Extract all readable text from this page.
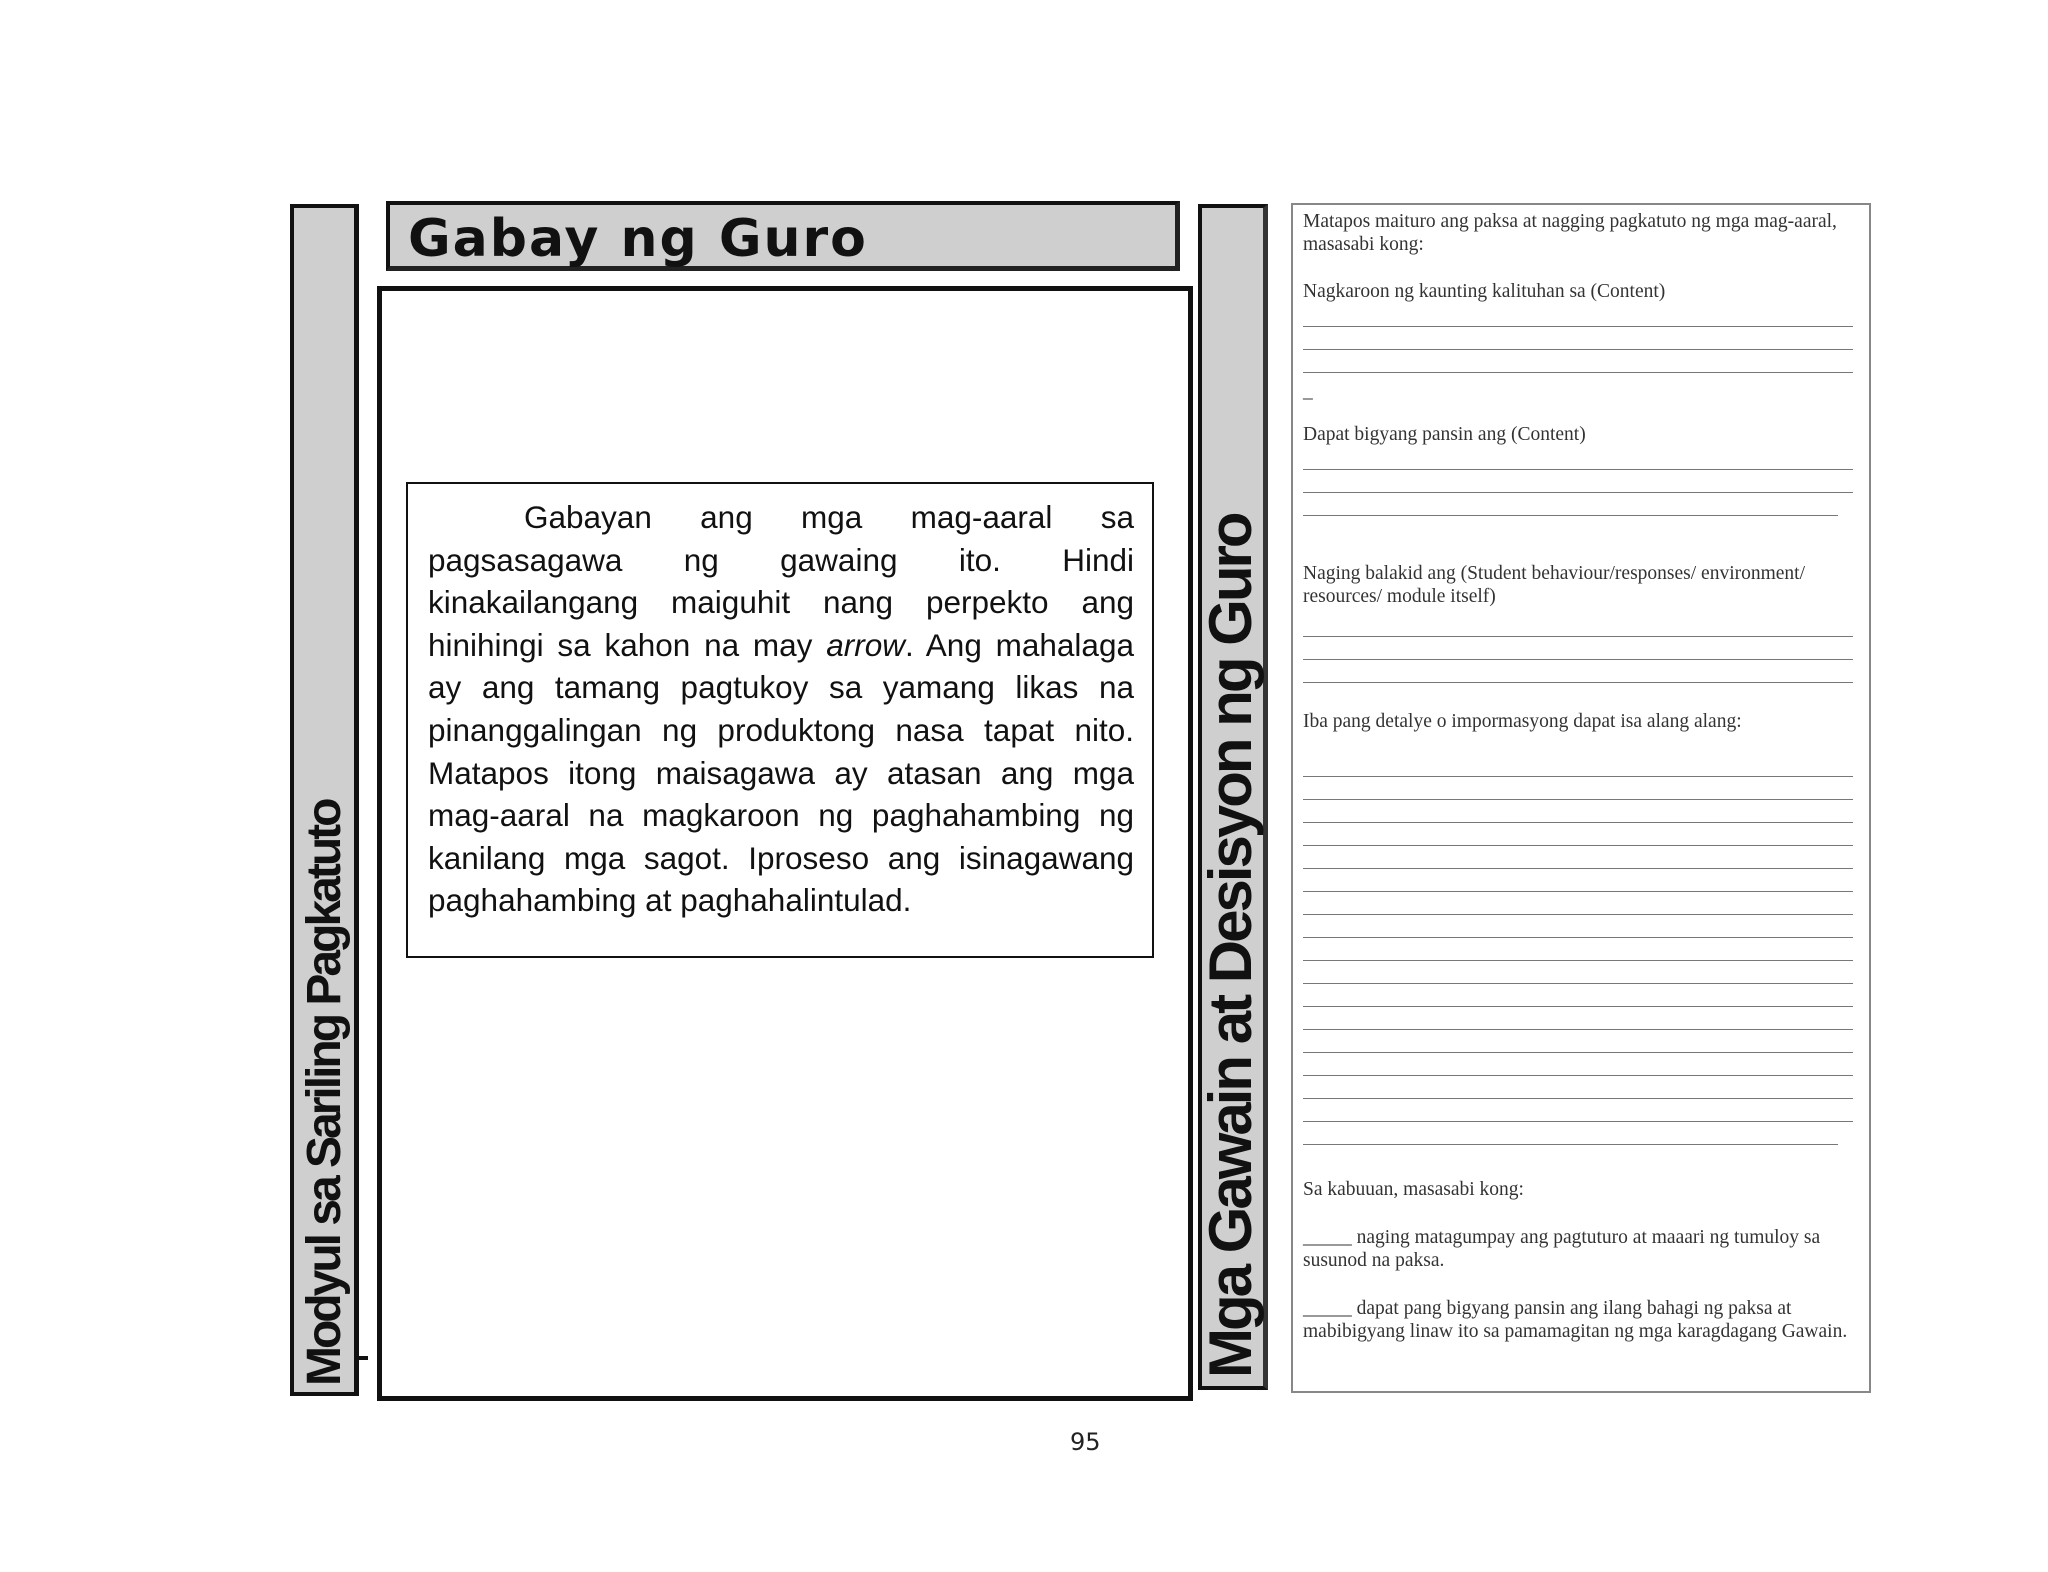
Modyul sa Sariling Pagkatuto
Gabay ng Guro

Gabayan ang mga mag-aaral sa pagsasagawa ng gawaing ito. Hindi kinakailangang maiguhit nang perpekto ang hinihingi sa kahon na may arrow. Ang mahalaga ay ang tamang pagtukoy sa yamang likas na pinanggalingan ng produktong nasa tapat nito. Matapos itong maisagawa ay atasan ang mga mag-aaral na magkaroon ng paghahambing ng kanilang mga sagot. Iproseso ang isinagawang paghahambing at paghahalintulad.	Mga Gawain at Desisyon ng Guro
Matapos maituro ang paksa at nagging pagkatuto ng mga mag-aaral, masasabi kong:
Nagkaroon ng kaunting kalituhan sa (Content)
_
Dapat bigyang pansin ang (Content)
Naging balakid ang (Student behaviour/responses/ environment/ resources/ module itself)
Iba pang detalye o impormasyong dapat isa alang alang:
Sa kabuuan, masasabi kong:
_____ naging matagumpay ang pagtuturo at maaari ng tumuloy sa susunod na paksa.
_____ dapat pang bigyang pansin ang ilang bahagi ng paksa at mabibigyang linaw ito sa pamamagitan ng mga karagdagang Gawain.
95
